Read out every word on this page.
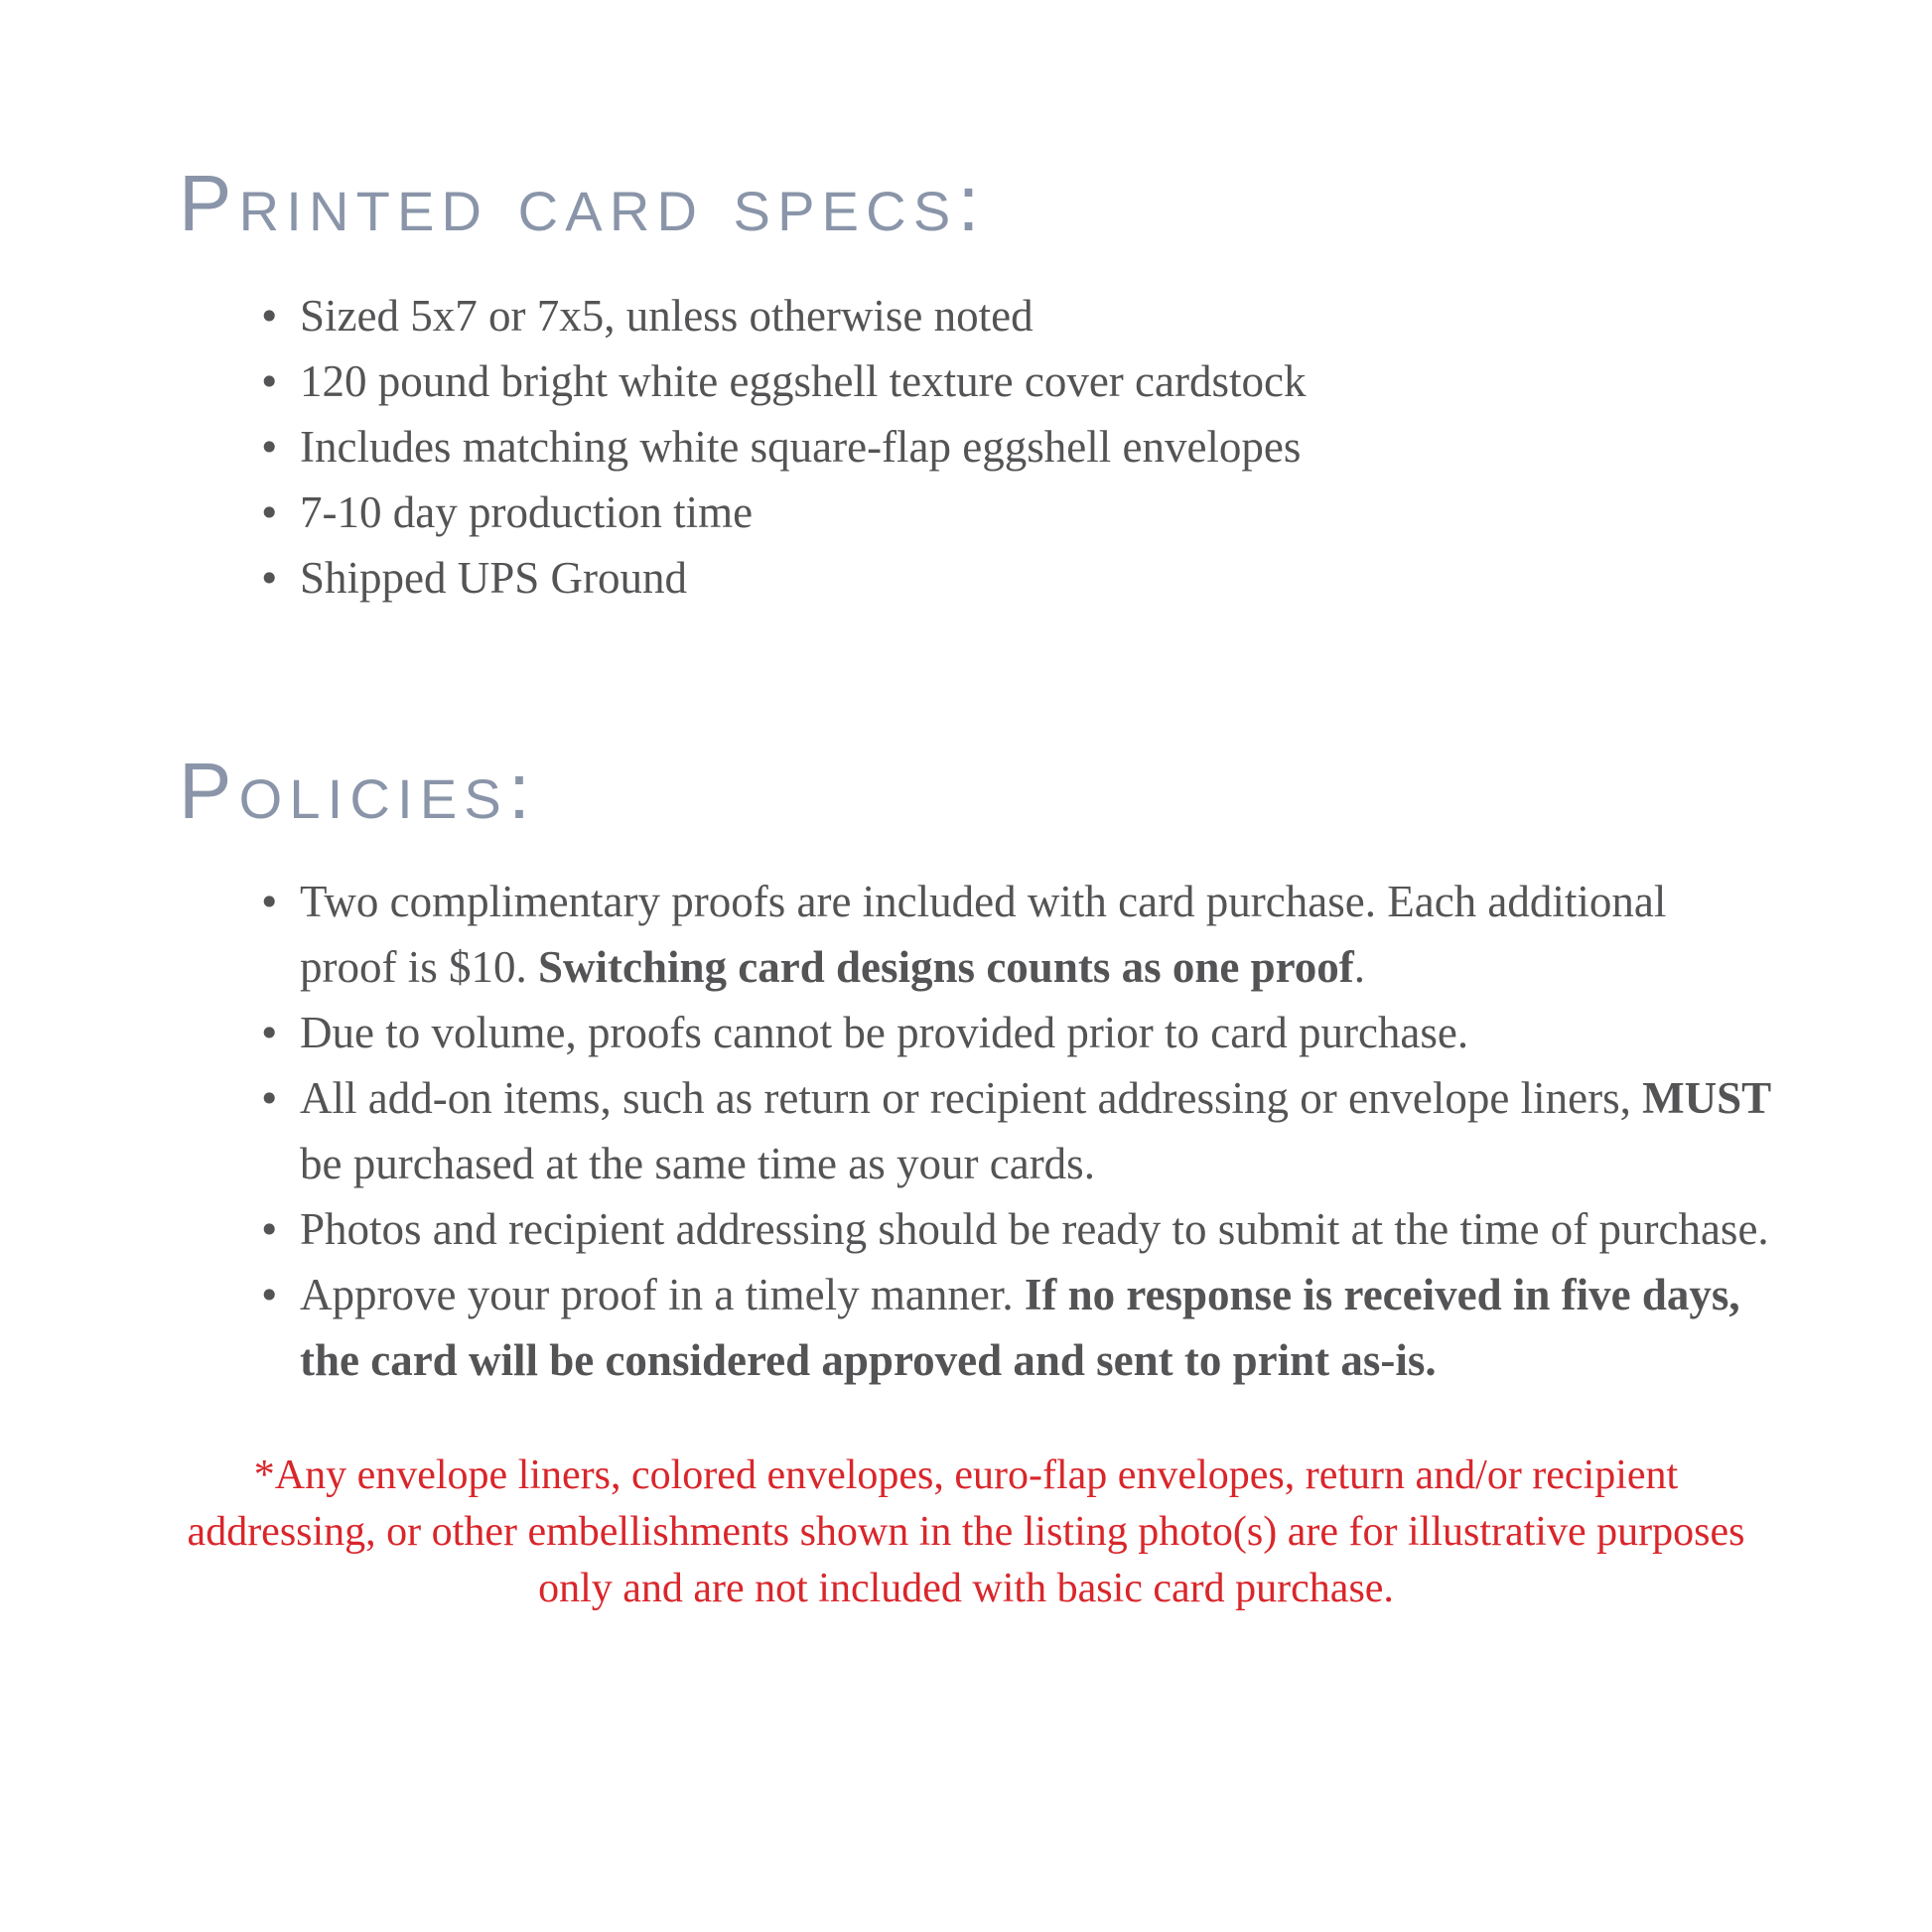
Printed card specs:
• Sized 5x7 or 7x5, unless otherwise noted
• 120 pound bright white eggshell texture cover cardstock
• Includes matching white square-flap eggshell envelopes
• 7-10 day production time
• Shipped UPS Ground
Policies:
• Two complimentary proofs are included with card purchase. Each additional proof is $10. Switching card designs counts as one proof.
• Due to volume, proofs cannot be provided prior to card purchase.
• All add-on items, such as return or recipient addressing or envelope liners, MUST be purchased at the same time as your cards.
• Photos and recipient addressing should be ready to submit at the time of purchase.
• Approve your proof in a timely manner. If no response is received in five days, the card will be considered approved and sent to print as-is.

*Any envelope liners, colored envelopes, euro-flap envelopes, return and/or recipient addressing, or other embellishments shown in the listing photo(s) are for illustrative purposes only and are not included with basic card purchase.
